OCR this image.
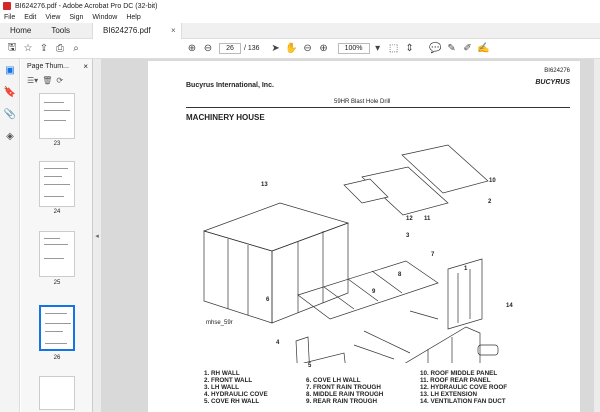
BI624276.pdf - Adobe Acrobat Pro DC (32-bit)
File Edit View Sign Window Help
Home	Tools	BI624276.pdf	×
🖫 ☆ ⇪ ⎙ ⌕	⊕ ⊖	26	/ 136	➤ ✋ ⊖ ⊕	100%	▾ ⬚ ⇕	💬 ✎ ✐ ✍
▣
🔖
📎
◈
Page Thum... ×
☰▾ 🗑 ⟳
23
24
25
26
◂
BI624276
Bucyrus International, Inc.	BUCYRUS
59HR Blast Hole Drill
MACHINERY HOUSE
13
10
2
3
7
12 11
8
9
1
6
4
14
5
mhse_59r
1. RH WALL
2. FRONT WALL
3. LH WALL
4. HYDRAULIC COVE
5. COVE RH WALL
6. COVE LH WALL
7. FRONT RAIN TROUGH
8. MIDDLE RAIN TROUGH
9. REAR RAIN TROUGH
10. ROOF MIDDLE PANEL
11. ROOF REAR PANEL
12. HYDRAULIC COVE ROOF
13. LH EXTENSION
14. VENTILATION FAN DUCT
